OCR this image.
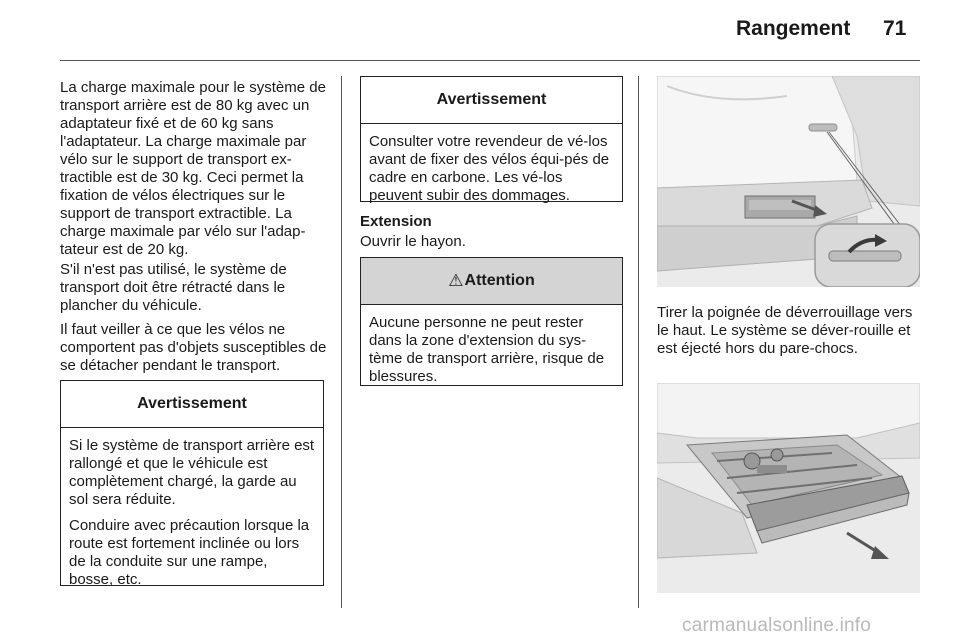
Rangement 71

La charge maximale pour le système de transport arrière est de 80 kg avec un adaptateur fixé et de 60 kg sans l'adaptateur. La charge maximale par vélo sur le support de transport ex-tractible est de 30 kg. Ceci permet la fixation de vélos électriques sur le support de transport extractible. La charge maximale par vélo sur l'adap-tateur est de 20 kg.

S'il n'est pas utilisé, le système de transport doit être rétracté dans le plancher du véhicule.

Il faut veiller à ce que les vélos ne comportent pas d'objets susceptibles de se détacher pendant le transport.

Avertissement

Si le système de transport arrière est rallongé et que le véhicule est complètement chargé, la garde au sol sera réduite.

Conduire avec précaution lorsque la route est fortement inclinée ou lors de la conduite sur une rampe, bosse, etc.

Avertissement

Consulter votre revendeur de vé-los avant de fixer des vélos équi-pés de cadre en carbone. Les vé-los peuvent subir des dommages.

Extension

Ouvrir le hayon.

⚠ Attention

Aucune personne ne peut rester dans la zone d'extension du sys-tème de transport arrière, risque de blessures.

Tirer la poignée de déverrouillage vers le haut. Le système se déver-rouille et est éjecté hors du pare-chocs.

carmanualsonline.info
